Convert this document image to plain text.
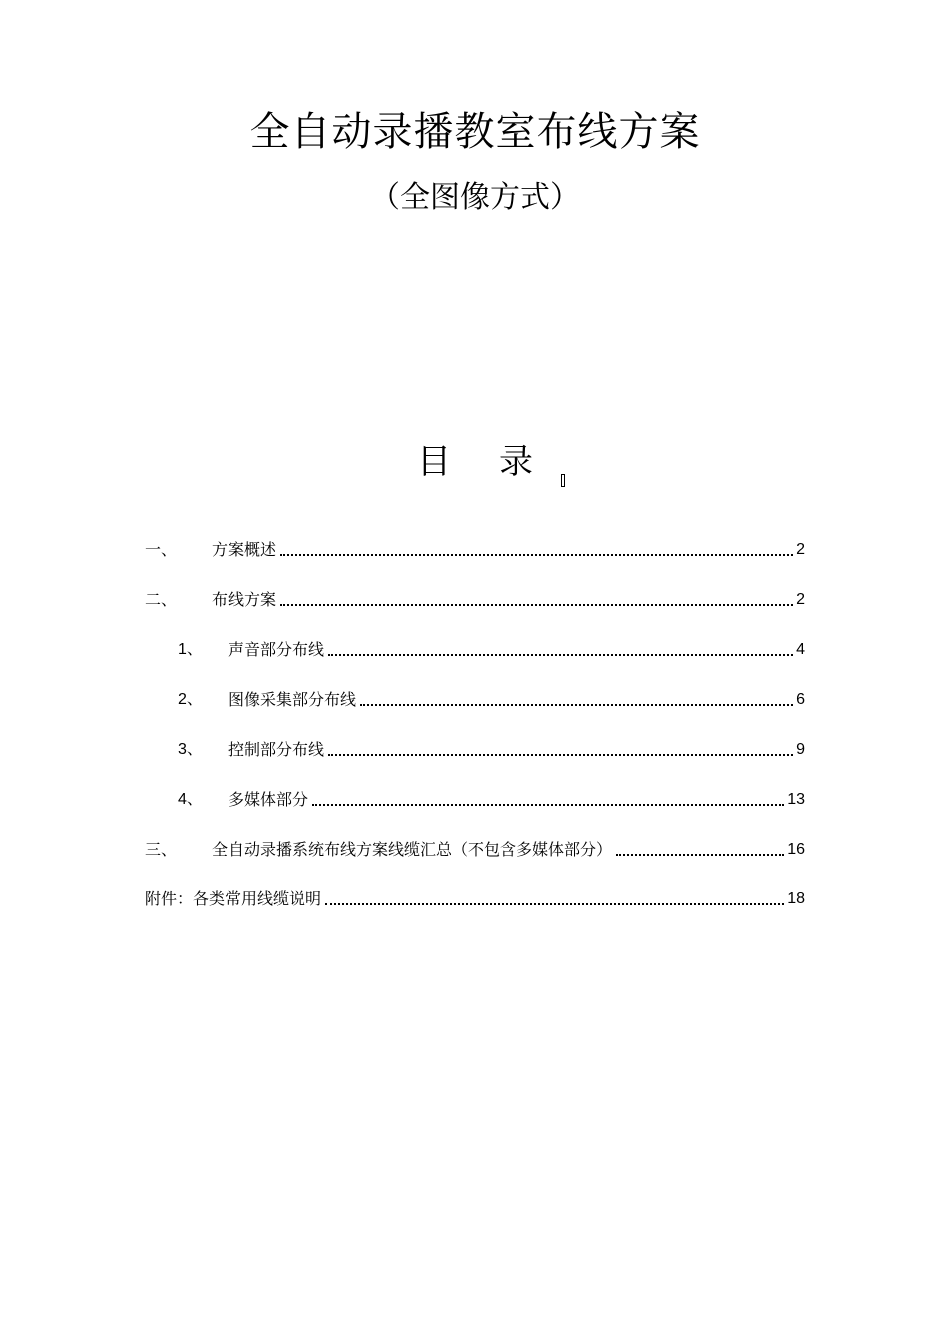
全自动录播教室布线方案
（全图像方式）
目 录
一、	方案概述	2
二、	布线方案	2
1、	声音部分布线	4
2、	图像采集部分布线	6
3、	控制部分布线	9
4、	多媒体部分	13
三、	全自动录播系统布线方案线缆汇总（不包含多媒体部分）	16
附件：各类常用线缆说明	18
